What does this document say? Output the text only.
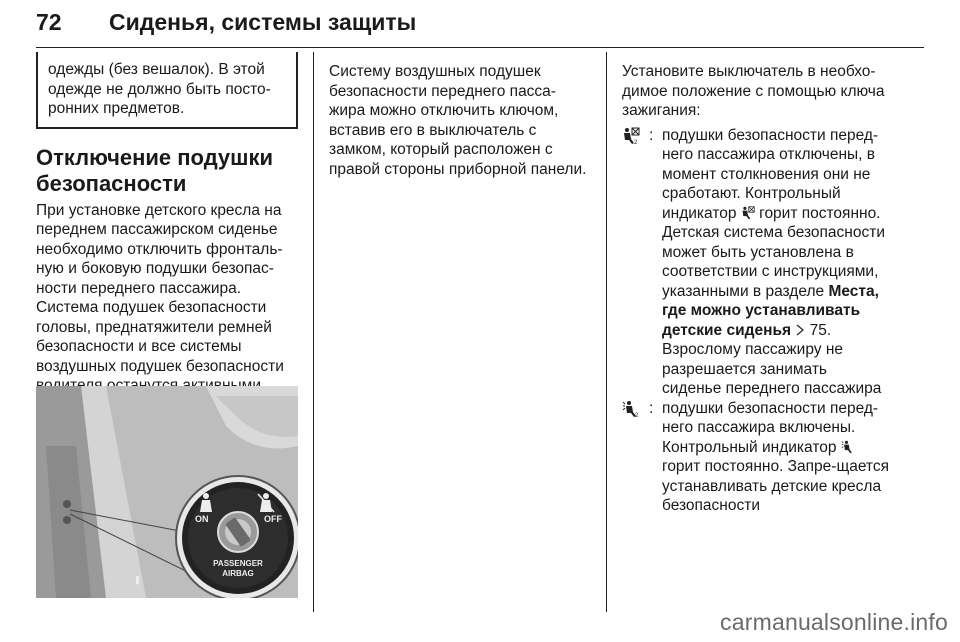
72 Сиденья, системы защиты
одежды (без вешалок). В этой одежде не должно быть посто-ронних предметов.
Отключение подушки безопасности

При установке детского кресла на переднем пассажирском сиденье необходимо отключить фронталь-ную и боковую подушки безопас-ности переднего пассажира. Система подушек безопасности головы, преднатяжители ремней безопасности и все системы воздушных подушек безопасности

ON	OFF
PASSENGER
AIRBAG

Систему воздушных подушек безопасности переднего пасса-жира можно отключить ключом, вставив его в выключатель с замком, который расположен с правой стороны приборной панели.

Установите выключатель в необхо-димое положение с помощью ключа зажигания:

2 : подушки безопасности перед-него пассажира отключены, в момент столкновения они не сработают. Контрольный индикатор горит постоянно. Детская система безопасности может быть установлена в соответствии с инструкциями, указанными в разделе Места, где можно устанавливать детские сиденья 75. Взрослому пассажиру не разрешается занимать сиденье переднего пассажира
2 : подушки безопасности перед-него пассажира включены. Контрольный индикатор  горит постоянно. Запре-щается устанавливать детские кресла безопасности
carmanualsonline.info
